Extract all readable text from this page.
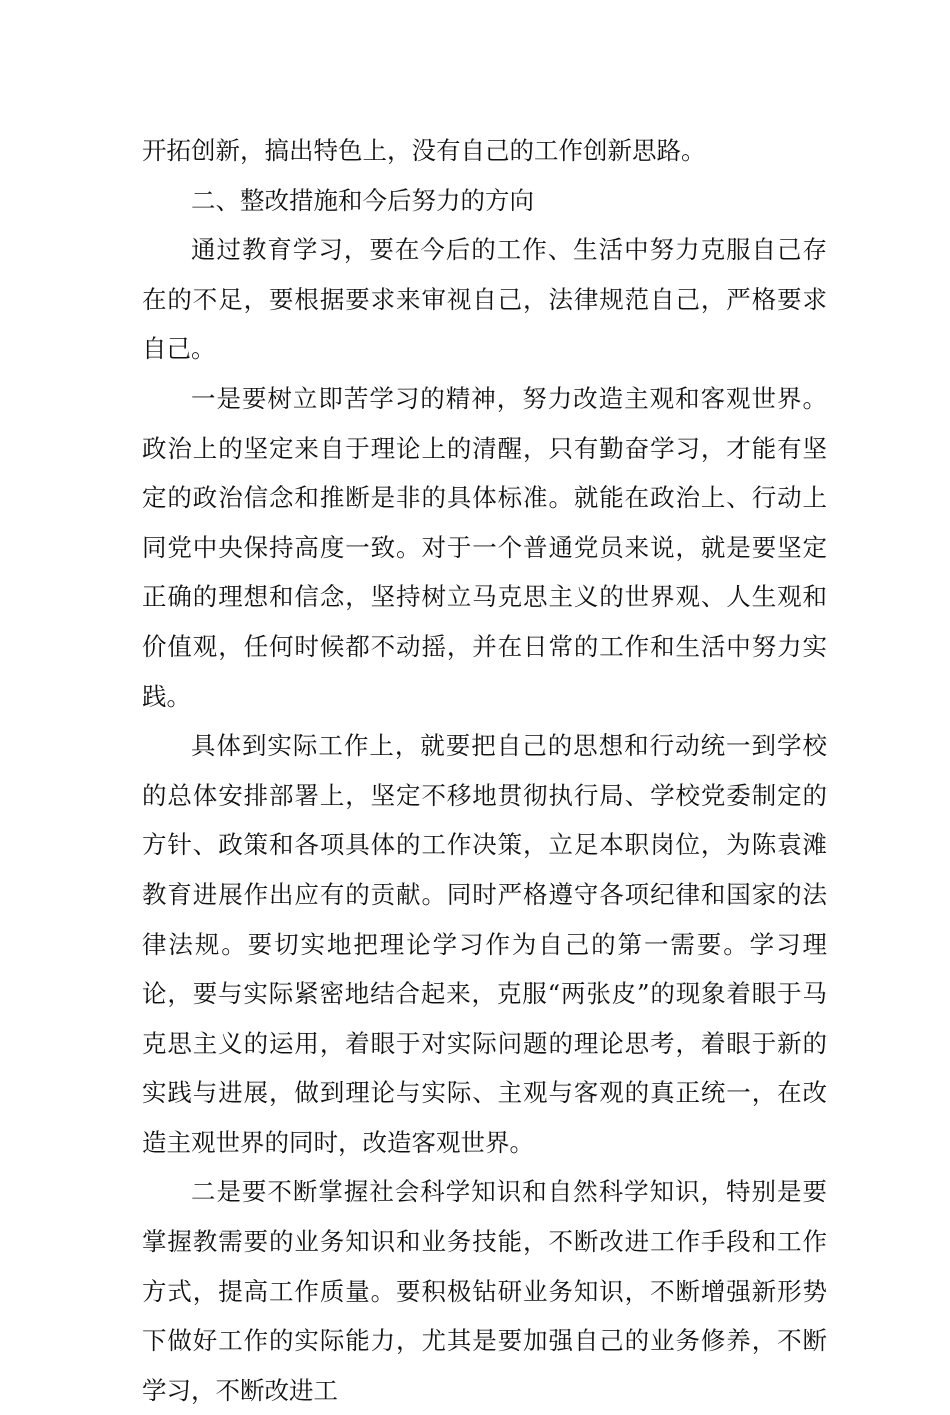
开拓创新，搞出特色上，没有自己的工作创新思路。

二、整改措施和今后努力的方向

通过教育学习，要在今后的工作、生活中努力克服自己存在的不足，要根据要求来审视自己，法律规范自己，严格要求自己。

一是要树立即苦学习的精神，努力改造主观和客观世界。政治上的坚定来自于理论上的清醒，只有勤奋学习，才能有坚定的政治信念和推断是非的具体标准。就能在政治上、行动上同党中央保持高度一致。对于一个普通党员来说，就是要坚定正确的理想和信念，坚持树立马克思主义的世界观、人生观和价值观，任何时候都不动摇，并在日常的工作和生活中努力实践。

具体到实际工作上，就要把自己的思想和行动统一到学校的总体安排部署上，坚定不移地贯彻执行局、学校党委制定的方针、政策和各项具体的工作决策，立足本职岗位，为陈袁滩教育进展作出应有的贡献。同时严格遵守各项纪律和国家的法律法规。要切实地把理论学习作为自己的第一需要。学习理论，要与实际紧密地结合起来，克服“两张皮”的现象着眼于马克思主义的运用，着眼于对实际问题的理论思考，着眼于新的实践与进展，做到理论与实际、主观与客观的真正统一，在改造主观世界的同时，改造客观世界。

二是要不断掌握社会科学知识和自然科学知识，特别是要掌握教需要的业务知识和业务技能，不断改进工作手段和工作方式，提高工作质量。要积极钻研业务知识，不断增强新形势下做好工作的实际能力，尤其是要加强自己的业务修养，不断学习，不断改进工
